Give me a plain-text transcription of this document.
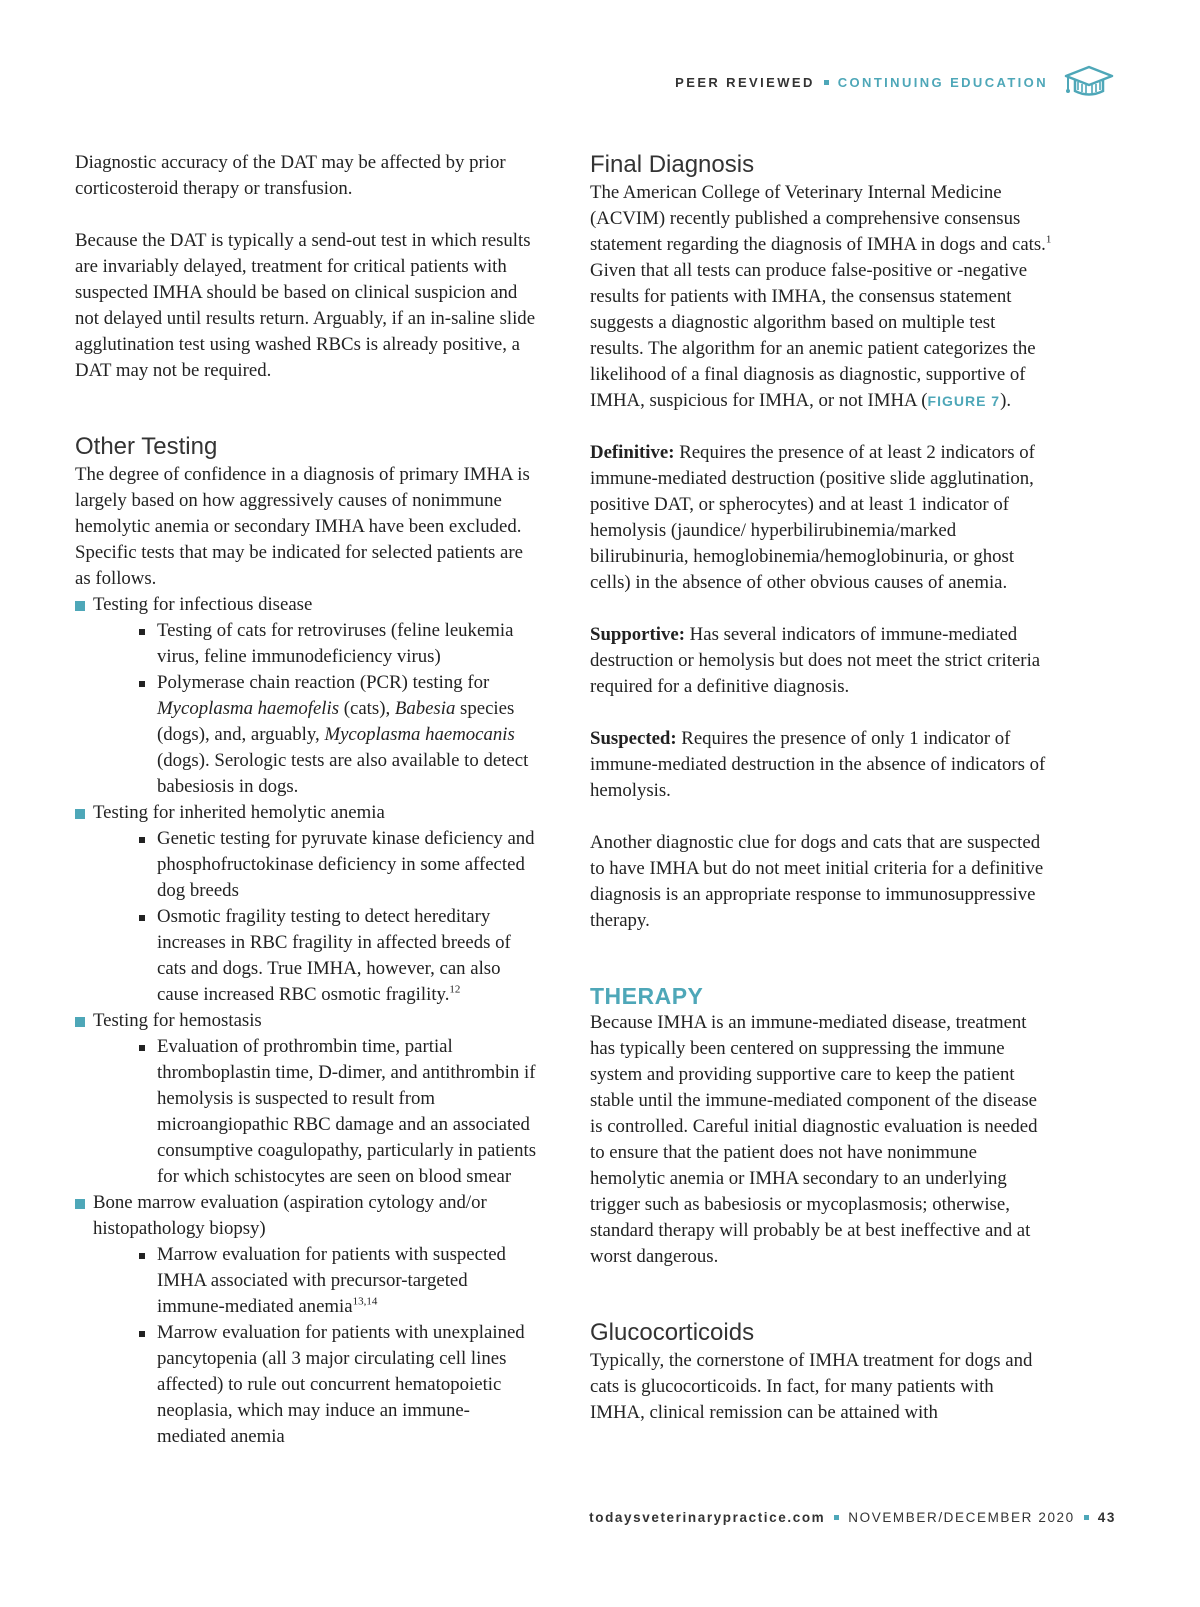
PEER REVIEWED CONTINUING EDUCATION

Diagnostic accuracy of the DAT may be affected by prior corticosteroid therapy or transfusion.

Because the DAT is typically a send-out test in which results are invariably delayed, treatment for critical patients with suspected IMHA should be based on clinical suspicion and not delayed until results return. Arguably, if an in-saline slide agglutination test using washed RBCs is already positive, a DAT may not be required.

Other Testing

The degree of confidence in a diagnosis of primary IMHA is largely based on how aggressively causes of nonimmune hemolytic anemia or secondary IMHA have been excluded. Specific tests that may be indicated for selected patients are as follows.

Testing for infectious disease
Testing of cats for retroviruses (feline leukemia virus, feline immunodeficiency virus)
Polymerase chain reaction (PCR) testing for Mycoplasma haemofelis (cats), Babesia species (dogs), and, arguably, Mycoplasma haemocanis (dogs). Serologic tests are also available to detect babesiosis in dogs.
Testing for inherited hemolytic anemia
Genetic testing for pyruvate kinase deficiency and phosphofructokinase deficiency in some affected dog breeds
Osmotic fragility testing to detect hereditary increases in RBC fragility in affected breeds of cats and dogs. True IMHA, however, can also cause increased RBC osmotic fragility.$^{12}$
Testing for hemostasis
Evaluation of prothrombin time, partial thromboplastin time, D-dimer, and antithrombin if hemolysis is suspected to result from microangiopathic RBC damage and an associated consumptive coagulopathy, particularly in patients for which schistocytes are seen on blood smear
Bone marrow evaluation (aspiration cytology and/or histopathology biopsy)
Marrow evaluation for patients with suspected IMHA associated with precursor-targeted immune-mediated anemia$^{13,14}$
Marrow evaluation for patients with unexplained pancytopenia (all 3 major circulating cell lines affected) to rule out concurrent hematopoietic neoplasia, which may induce an immune-mediated anemia
Final Diagnosis

The American College of Veterinary Internal Medicine (ACVIM) recently published a comprehensive consensus statement regarding the diagnosis of IMHA in dogs and cats.$^1$ Given that all tests can produce false-positive or -negative results for patients with IMHA, the consensus statement suggests a diagnostic algorithm based on multiple test results. The algorithm for an anemic patient categorizes the likelihood of a final diagnosis as diagnostic, supportive of IMHA, suspicious for IMHA, or not IMHA (FIGURE 7).

Definitive: Requires the presence of at least 2 indicators of immune-mediated destruction (positive slide agglutination, positive DAT, or spherocytes) and at least 1 indicator of hemolysis (jaundice/ hyperbilirubinemia/marked bilirubinuria, hemoglobinemia/hemoglobinuria, or ghost cells) in the absence of other obvious causes of anemia.

Supportive: Has several indicators of immune-mediated destruction or hemolysis but does not meet the strict criteria required for a definitive diagnosis.

Suspected: Requires the presence of only 1 indicator of immune-mediated destruction in the absence of indicators of hemolysis.

Another diagnostic clue for dogs and cats that are suspected to have IMHA but do not meet initial criteria for a definitive diagnosis is an appropriate response to immunosuppressive therapy.

THERAPY

Because IMHA is an immune-mediated disease, treatment has typically been centered on suppressing the immune system and providing supportive care to keep the patient stable until the immune-mediated component of the disease is controlled. Careful initial diagnostic evaluation is needed to ensure that the patient does not have nonimmune hemolytic anemia or IMHA secondary to an underlying trigger such as babesiosis or mycoplasmosis; otherwise, standard therapy will probably be at best ineffective and at worst dangerous.

Glucocorticoids

Typically, the cornerstone of IMHA treatment for dogs and cats is glucocorticoids. In fact, for many patients with IMHA, clinical remission can be attained with

todaysveterinarypractice.com NOVEMBER/DECEMBER 2020 43
